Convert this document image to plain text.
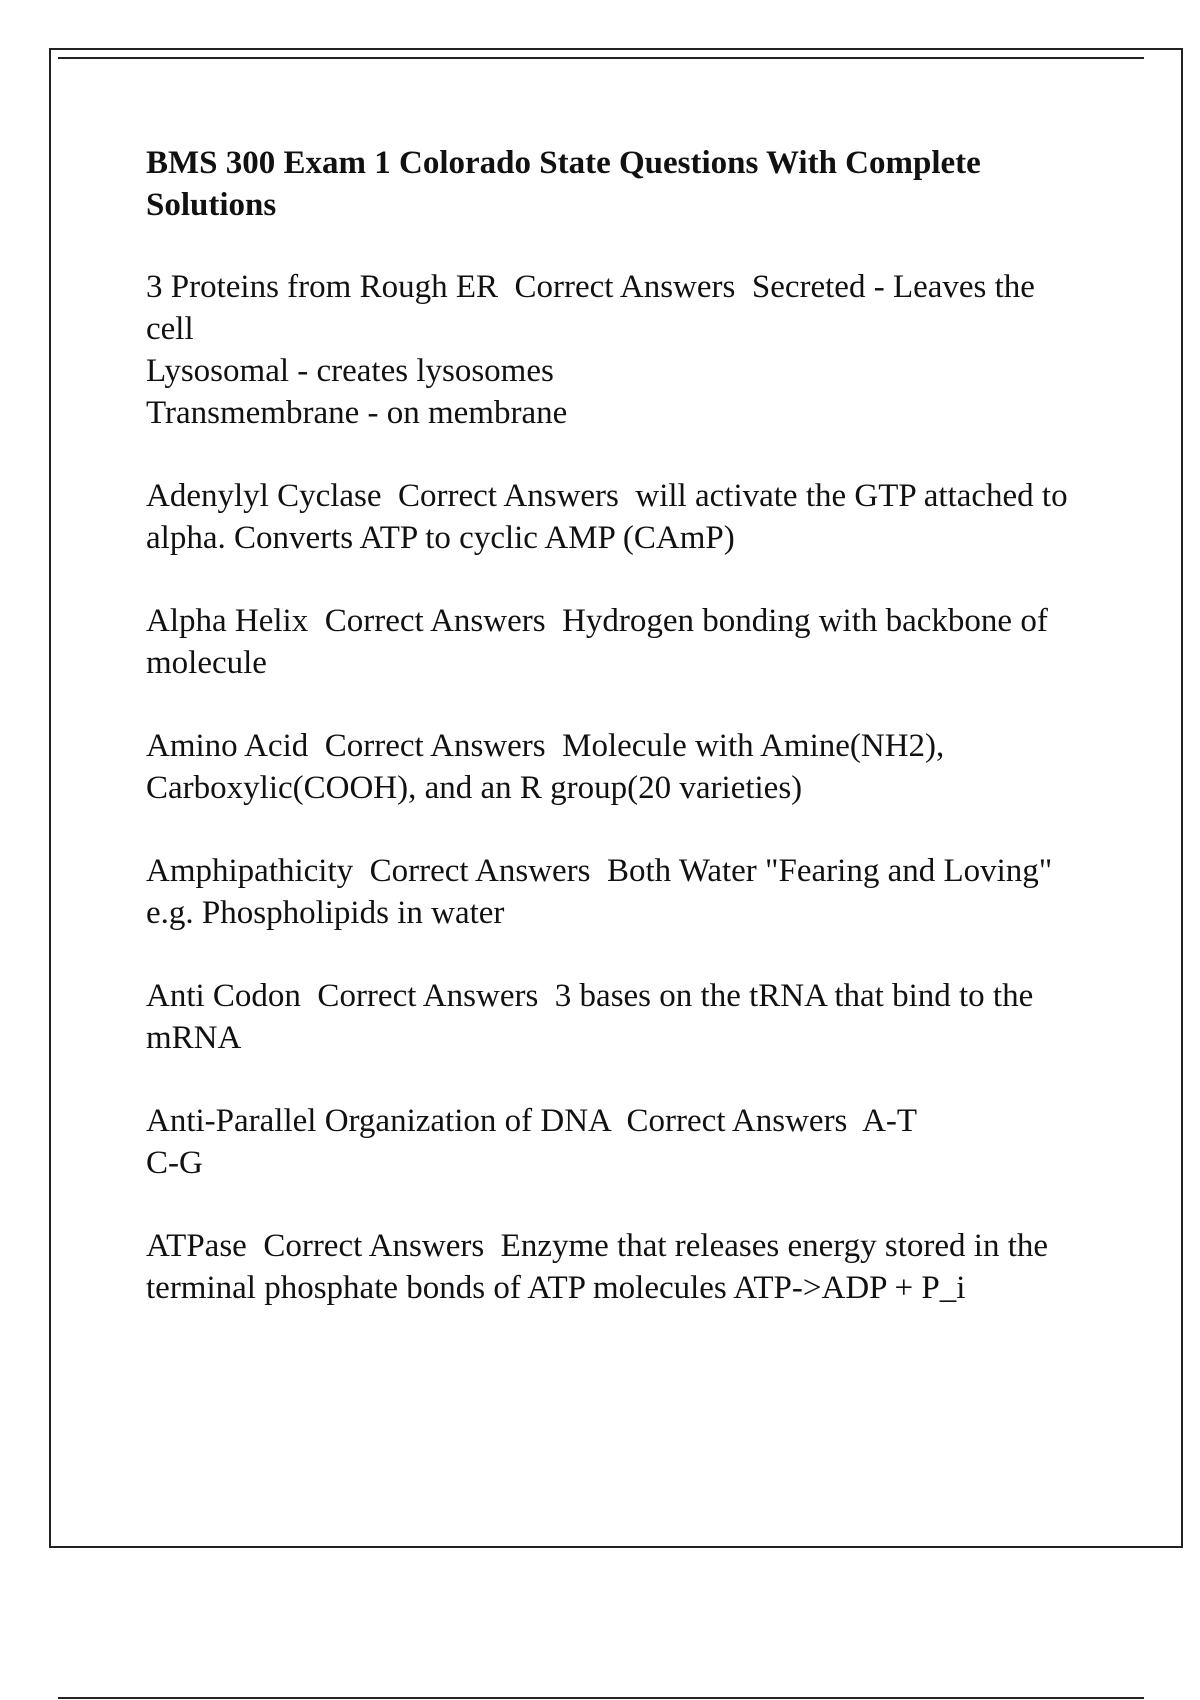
BMS 300 Exam 1 Colorado State Questions With Complete Solutions
3 Proteins from Rough ER  Correct Answers  Secreted - Leaves the cell
Lysosomal - creates lysosomes
Transmembrane - on membrane
Adenylyl Cyclase  Correct Answers  will activate the GTP attached to alpha. Converts ATP to cyclic AMP (CAmP)
Alpha Helix  Correct Answers  Hydrogen bonding with backbone of molecule
Amino Acid  Correct Answers  Molecule with Amine(NH2), Carboxylic(COOH), and an R group(20 varieties)
Amphipathicity  Correct Answers  Both Water "Fearing and Loving" e.g. Phospholipids in water
Anti Codon  Correct Answers  3 bases on the tRNA that bind to the mRNA
Anti-Parallel Organization of DNA  Correct Answers  A-T
C-G
ATPase  Correct Answers  Enzyme that releases energy stored in the terminal phosphate bonds of ATP molecules ATP->ADP + P_i
